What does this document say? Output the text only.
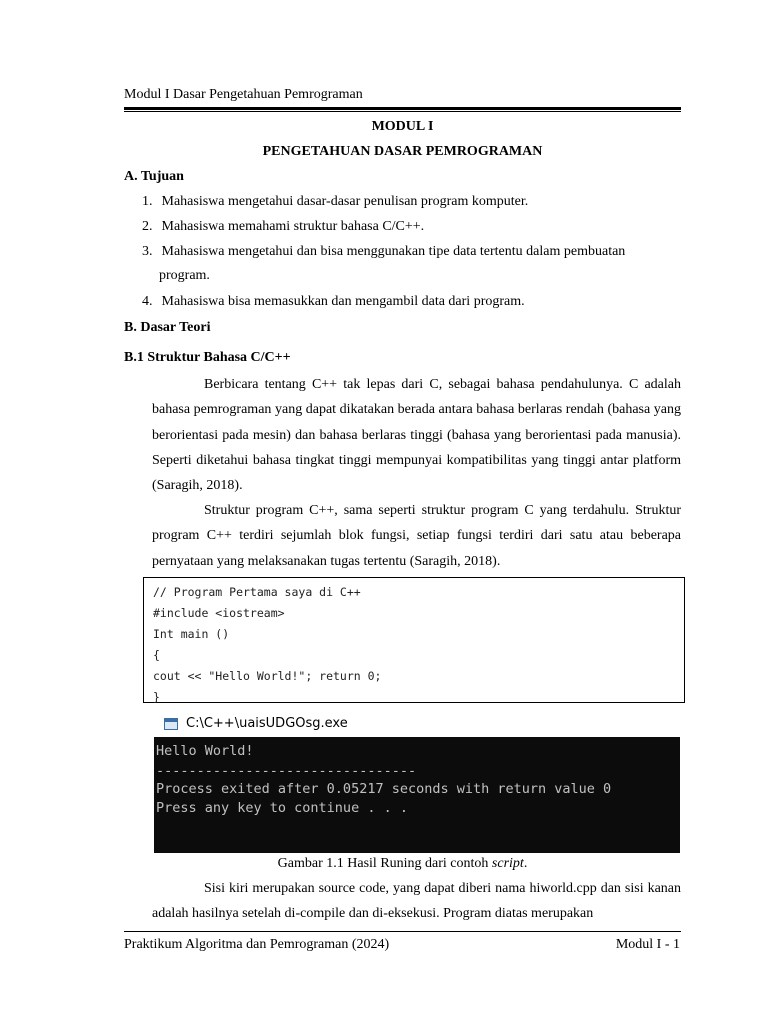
Modul I Dasar Pengetahuan Pemrograman
MODUL I
PENGETAHUAN DASAR PEMROGRAMAN
A. Tujuan
1. Mahasiswa mengetahui dasar-dasar penulisan program komputer.
2. Mahasiswa memahami struktur bahasa C/C++.
3. Mahasiswa mengetahui dan bisa menggunakan tipe data tertentu dalam pembuatan
program.
4. Mahasiswa bisa memasukkan dan mengambil data dari program.
B. Dasar Teori
B.1 Struktur Bahasa C/C++
Berbicara tentang C++ tak lepas dari C, sebagai bahasa pendahulunya. C adalah bahasa pemrograman yang dapat dikatakan berada antara bahasa berlaras rendah (bahasa yang berorientasi pada mesin) dan bahasa berlaras tinggi (bahasa yang berorientasi pada manusia). Seperti diketahui bahasa tingkat tinggi mempunyai kompatibilitas yang tinggi antar platform (Saragih, 2018).
Struktur program C++, sama seperti struktur program C yang terdahulu. Struktur program C++ terdiri sejumlah blok fungsi, setiap fungsi terdiri dari satu atau beberapa pernyataan yang melaksanakan tugas tertentu (Saragih, 2018).
// Program Pertama saya di C++
#include <iostream>
Int main ()
{
cout << "Hello World!"; return 0;
}
C:\C++\uaisUDGOsg.exe
Hello World!
--------------------------------
Process exited after 0.05217 seconds with return value 0
Press any key to continue . . .
Gambar 1.1 Hasil Runing dari contoh script.
Sisi kiri merupakan source code, yang dapat diberi nama hiworld.cpp dan sisi kanan adalah hasilnya setelah di-compile dan di-eksekusi. Program diatas merupakan
Praktikum Algoritma dan Pemrograman (2024)	Modul I - 1
